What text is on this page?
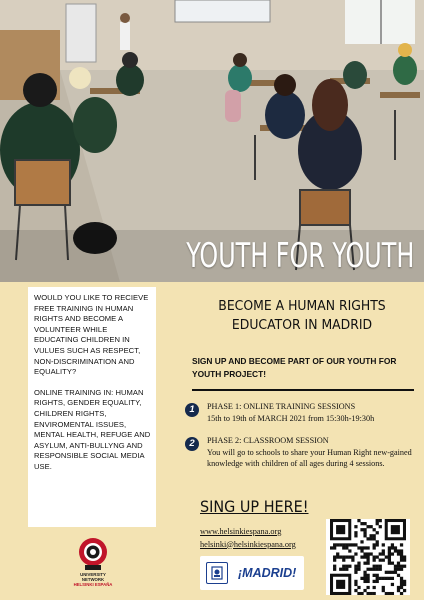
YOUTH FOR YOUTH

WOULD YOU LIKE TO RECIEVE FREE TRAINING IN HUMAN RIGHTS AND BECOME A VOLUNTEER WHILE EDUCATING CHILDREN IN VULUES SUCH AS RESPECT, NON-DISCRIMINATION AND EQUALITY?

ONLINE TRAINING IN: HUMAN RIGHTS, GENDER EQUALITY, CHILDREN RIGHTS, ENVIROMENTAL ISSUES, MENTAL HEALTH, REFUGE AND ASYLUM, ANTI-BULLYNG AND RESPONSIBLE SOCIAL MEDIA USE.

UNIVERSITY
NETWORK
HELSINKI ESPAÑA
BECOME A HUMAN RIGHTS EDUCATOR IN MADRID
SIGN UP AND BECOME PART OF OUR YOUTH FOR YOUTH PROJECT!
1	PHASE 1: ONLINE TRAINING SESSIONS
15th to 19th of MARCH 2021 from 15:30h-19:30h
2	PHASE 2: CLASSROOM SESSION
You will go to schools to share your Human Right new-gained knowledge with children of all ages during 4 sessions.
SING UP HERE!
www.helsinkiespana.org
helsinki@helsinkiespana.org
¡MADRID!
